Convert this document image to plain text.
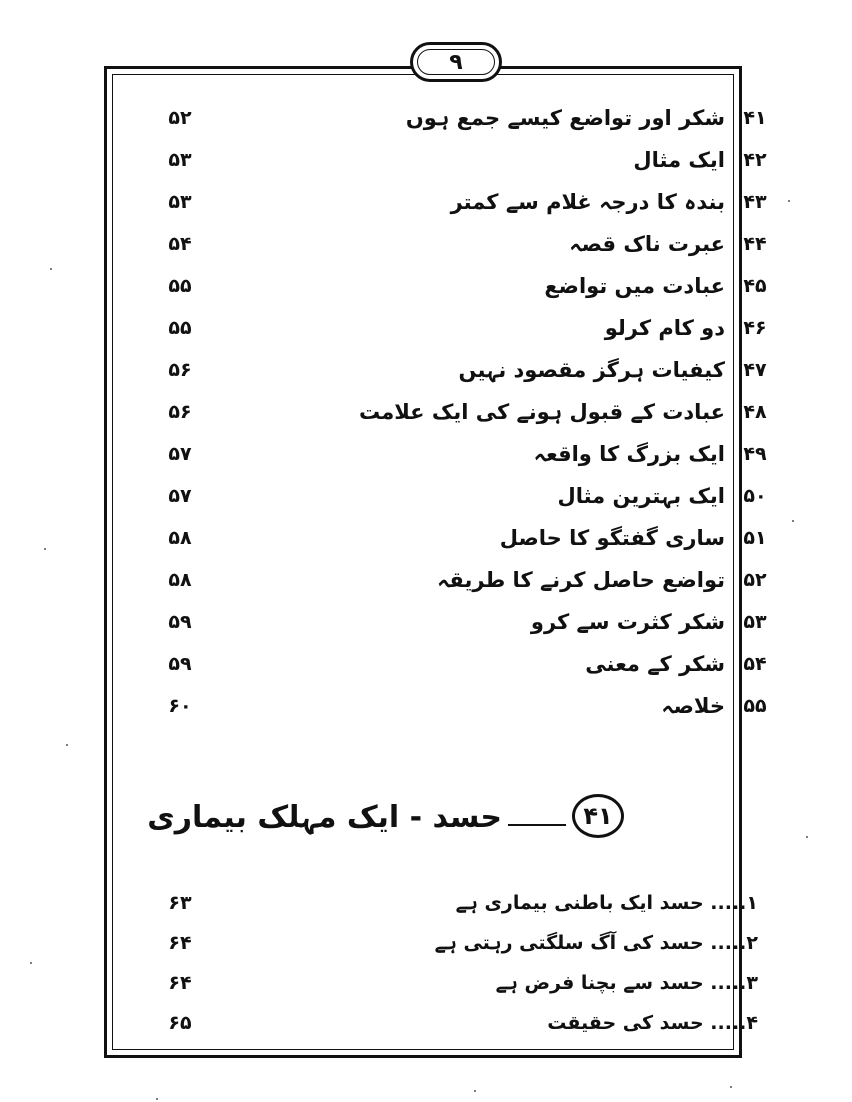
۹
۵۲	شکر اور تواضع کیسے جمع ہوں ۴۱
۵۳	ایک مثال ۴۲
۵۳	بندہ کا درجہ غلام سے کمتر ۴۳
۵۴	عبرت ناک قصہ ۴۴
۵۵	عبادت میں تواضع ۴۵
۵۵	دو کام کرلو ۴۶
۵۶	کیفیات ہرگز مقصود نہیں ۴۷
۵۶	عبادت کے قبول ہونے کی ایک علامت ۴۸
۵۷	ایک بزرگ کا واقعہ ۴۹
۵۷	ایک بہترین مثال ۵۰
۵۸	ساری گفتگو کا حاصل ۵۱
۵۸	تواضع حاصل کرنے کا طریقہ ۵۲
۵۹	شکر کثرت سے کرو ۵۳
۵۹	شکر کے معنی ۵۴
۶۰	خلاصہ ۵۵
حسد - ایک مہلک بیماری	۴۱
۶۳	۱..... حسد ایک باطنی بیماری ہے
۶۴	۲..... حسد کی آگ سلگتی رہتی ہے
۶۴	۳..... حسد سے بچنا فرض ہے
۶۵	۴..... حسد کی حقیقت
